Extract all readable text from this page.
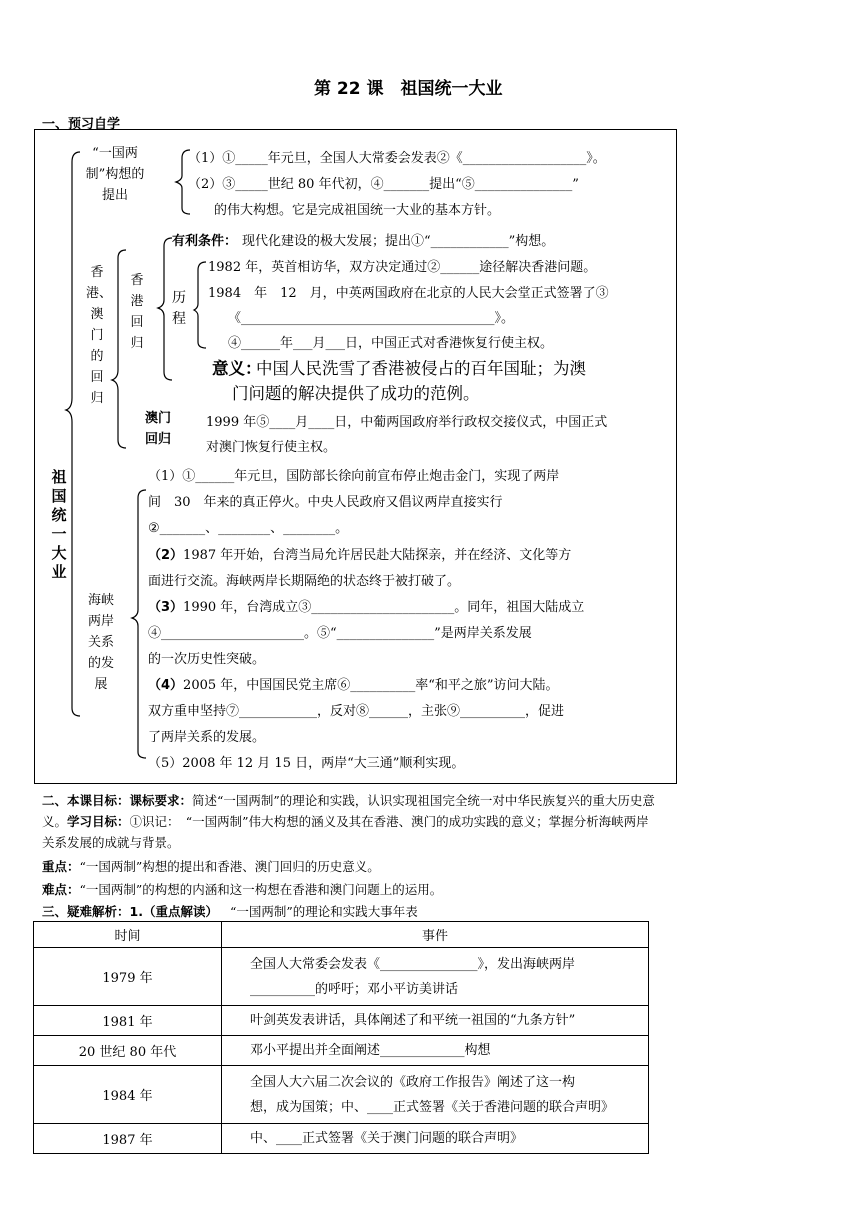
第 22 课　祖国统一大业
一、预习自学
祖国统一大业
“一国两制”构想的提出
（1）①_____年元旦，全国人大常委会发表②《___________________》。
（2）③_____世纪 80 年代初，④_______提出“⑤_______________”
的伟大构想。它是完成祖国统一大业的基本方针。
香港、澳门的回归
香港回归
有利条件： 现代化建设的极大发展；提出①“____________”构想。
历程
1982 年，英首相访华，双方决定通过②______途径解决香港问题。
1984　年　12　月，中英两国政府在北京的人民大会堂正式签署了③
《_______________________________________》。
④______年___月___日，中国正式对香港恢复行使主权。
意义：
中国人民洗雪了香港被侵占的百年国耻；为澳
门问题的解决提供了成功的范例。
澳门回归
1999 年⑤____月____日，中葡两国政府举行政权交接仪式，中国正式
对澳门恢复行使主权。
海峡两岸关系的发展
（1）①______年元旦，国防部长徐向前宣布停止炮击金门，实现了两岸
间　30　年来的真正停火。中央人民政府又倡议两岸直接实行
②_______、________、________。
（2）1987 年开始，台湾当局允许居民赴大陆探亲，并在经济、文化等方
面进行交流。海峡两岸长期隔绝的状态终于被打破了。
（3）1990 年，台湾成立③______________________。同年，祖国大陆成立
④______________________。⑤“_______________”是两岸关系发展
的一次历史性突破。
（4）2005 年，中国国民党主席⑥__________率“和平之旅”访问大陆。
双方重申坚持⑦____________，反对⑧______，主张⑨__________，促进
了两岸关系的发展。
（5）2008 年 12 月 15 日，两岸“大三通”顺利实现。
二、本课目标：课标要求：简述“一国两制”的理论和实践，认识实现祖国完全统一对中华民族复兴的重大历史意
义。学习目标：①识记：　“一国两制”伟大构想的涵义及其在香港、澳门的成功实践的意义；掌握分析海峡两岸
关系发展的成就与背景。
重点：“一国两制”构想的提出和香港、澳门回归的历史意义。
难点：“一国两制”的构想的内涵和这一构想在香港和澳门问题上的运用。
三、疑难解析：1.（重点解读） “一国两制”的理论和实践大事年表
时间	事件
1979 年	全国人大常委会发表《_______________》，发出海峡两岸
__________的呼吁；邓小平访美讲话

1981 年	叶剑英发表讲话，具体阐述了和平统一祖国的“九条方针”

20 世纪 80 年代	邓小平提出并全面阐述_____________构想

1984 年	全国人大六届二次会议的《政府工作报告》阐述了这一构
想，成为国策；中、____正式签署《关于香港问题的联合声明》

1987 年	中、____正式签署《关于澳门问题的联合声明》
